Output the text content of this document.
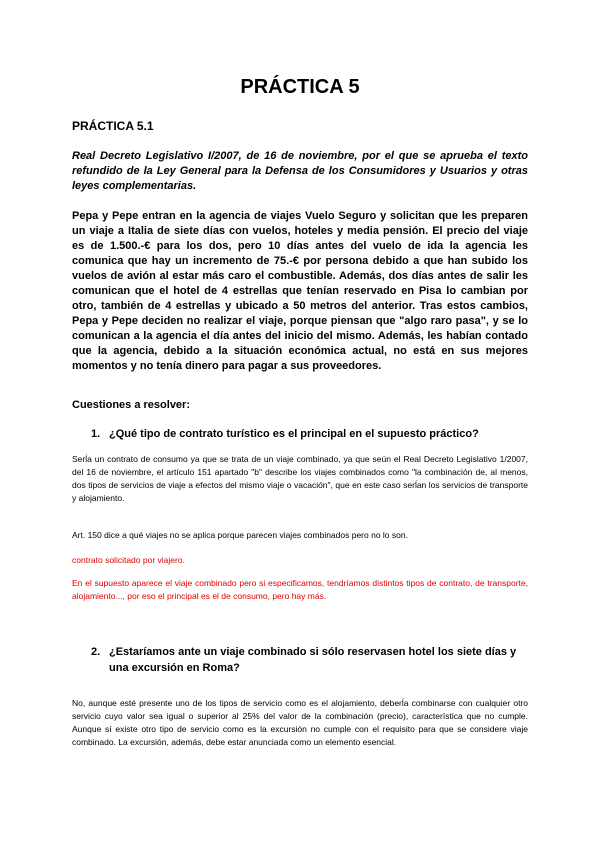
PRÁCTICA 5
PRÁCTICA 5.1

Real Decreto Legislativo I/2007, de 16 de noviembre, por el que se aprueba el texto refundido de la Ley General para la Defensa de los Consumidores y Usuarios y otras leyes complementarias.

Pepa y Pepe entran en la agencia de viajes Vuelo Seguro y solicitan que les preparen un viaje a Italia de siete días con vuelos, hoteles y media pensión. El precio del viaje es de 1.500.-€ para los dos, pero 10 días antes del vuelo de ida la agencia les comunica que hay un incremento de 75.-€ por persona debido a que han subido los vuelos de avión al estar más caro el combustible. Además, dos días antes de salir les comunican que el hotel de 4 estrellas que tenían reservado en Pisa lo cambian por otro, también de 4 estrellas y ubicado a 50 metros del anterior. Tras estos cambios, Pepa y Pepe deciden no realizar el viaje, porque piensan que "algo raro pasa", y se lo comunican a la agencia el día antes del inicio del mismo. Además, les habían contado que la agencia, debido a la situación económica actual, no está en sus mejores momentos y no tenía dinero para pagar a sus proveedores.

Cuestiones a resolver:

1. ¿Qué tipo de contrato turístico es el principal en el supuesto práctico?

Serĺa un contrato de consumo ya que se trata de un viaje combinado, ya que seún el Real Decreto Legislativo 1/2007, del 16 de noviembre, el artículo 151 apartado "b" describe los viajes combinados como "la combinación de, al menos, dos tipos de servicios de viaje a efectos del mismo viaje o vacación", que en este caso serĺan los servicios de transporte y alojamiento.

Art. 150 dice a qué viajes no se aplica porque parecen viajes combinados pero no lo son.

contrato solicitado por viajero.

En el supuesto aparece el viaje combinado pero si especificamos, tendríamos distintos tipos de contrato, de transporte, alojamiento..., por eso el principal es el de consumo, pero hay más.

2. ¿Estaríamos ante un viaje combinado si sólo reservasen hotel los siete días y una excursión en Roma?

No, aunque esté presente uno de los tipos de servicio como es el alojamiento, deberĺa combinarse con cualquier otro servicio cuyo valor sea igual o superior al 25% del valor de la combinación (precio), característica que no cumple. Aunque sí existe otro tipo de servicio como es la excursión no cumple con el requisito para que se considere viaje combinado. La excursión, además, debe estar anunciada como un elemento esencial.
